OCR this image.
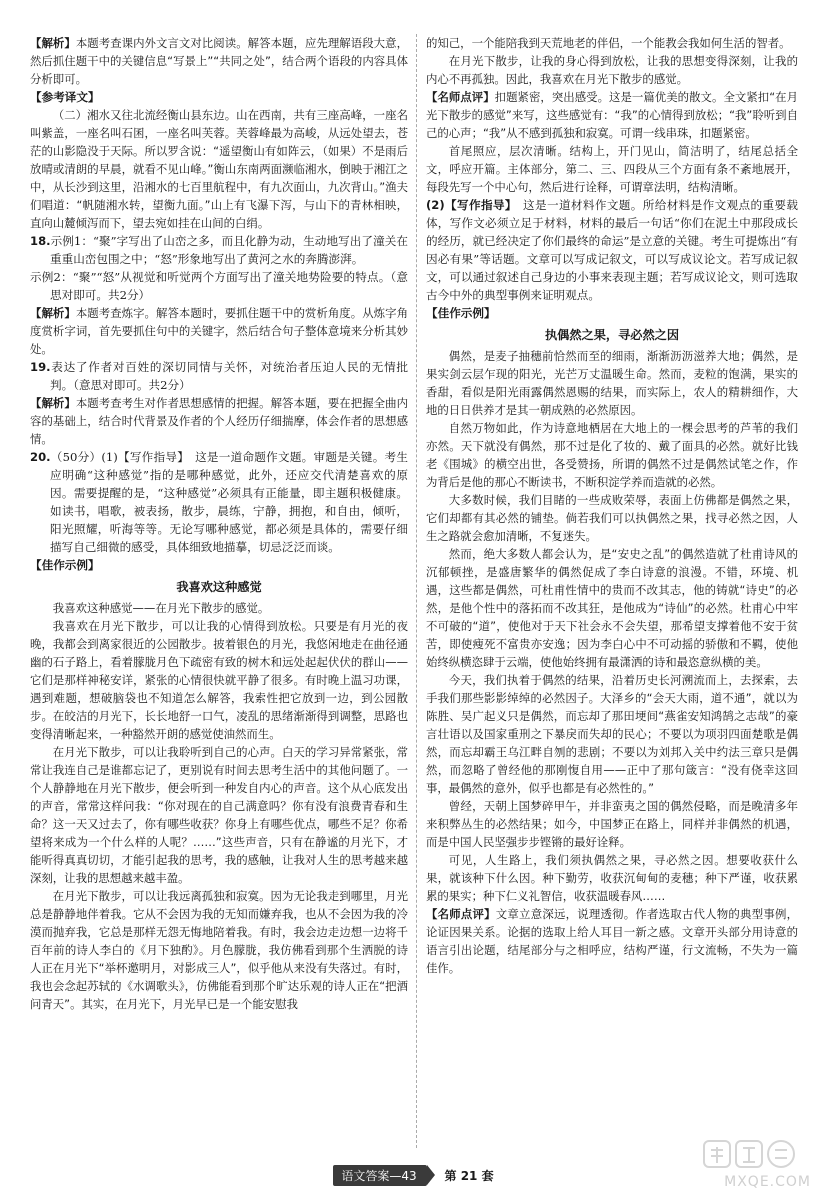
【解析】本题考查课内外文言文对比阅读。解答本题，应先理解语段大意，然后抓住题干中的关键信息“写景上”“共同之处”，结合两个语段的内容具体分析即可。

【参考译文】

（二）湘水又往北流经衡山县东边。山在西南，共有三座高峰，一座名叫紫盖，一座名叫石囷，一座名叫芙蓉。芙蓉峰最为高峻，从远处望去，苍茫的山影隐没于天际。所以罗含说：“遥望衡山有如阵云，（如果）不是雨后放晴或清朗的早晨，就看不见山峰。”衡山东南两面濒临湘水，倒映于湘江之中，从长沙到这里，沿湘水的七百里航程中，有九次面山，九次背山。”渔夫们唱道：“帆随湘水转，望衡九面。”山上有飞瀑下泻，与山下的青林相映，直向山麓倾泻而下，望去宛如挂在山间的白绢。

18.示例1：“聚”字写出了山峦之多，而且化静为动，生动地写出了潼关在重重山峦包围之中；“怒”形象地写出了黄河之水的奔腾澎湃。

示例2：“聚”“怒”从视觉和听觉两个方面写出了潼关地势险要的特点。（意思对即可。共2分）

【解析】本题考查炼字。解答本题时，要抓住题干中的赏析角度。从炼字角度赏析字词，首先要抓住句中的关键字，然后结合句子整体意境来分析其妙处。

19.表达了作者对百姓的深切同情与关怀，对统治者压迫人民的无情批判。（意思对即可。共2分）

【解析】本题考查考生对作者思想感情的把握。解答本题，要在把握全曲内容的基础上，结合时代背景及作者的个人经历仔细揣摩，体会作者的思想感情。

20.（50分）(1)【写作指导】　这是一道命题作文题。审题是关键。考生应明确“这种感觉”指的是哪种感觉，此外，还应交代清楚喜欢的原因。需要提醒的是，“这种感觉”必须具有正能量，即主题积极健康。如读书，唱歌，被表扬，散步，晨练，宁静，拥抱，和自由，倾听，阳光照耀，听海等等。无论写哪种感觉，都必须是具体的，需要仔细描写自己细微的感受，具体细致地描摹，切忌泛泛而谈。

【佳作示例】

我喜欢这种感觉

我喜欢这种感觉——在月光下散步的感觉。

我喜欢在月光下散步，可以让我的心情得到放松。只要是有月光的夜晚，我都会到离家很近的公园散步。披着银色的月光，我悠闲地走在曲径通幽的石子路上，看着朦胧月色下疏密有致的树木和远处起起伏伏的群山——它们是那样神秘安详，紧张的心情很快就平静了很多。有时晚上温习功课，遇到难题，想破脑袋也不知道怎么解答，我索性把它放到一边，到公园散步。在皎洁的月光下，长长地舒一口气，凌乱的思绪渐渐得到调整，思路也变得清晰起来，一种豁然开朗的感觉使油然而生。

在月光下散步，可以让我聆听到自己的心声。白天的学习异常紧张，常常让我连自己是谁都忘记了，更别说有时间去思考生活中的其他问题了。一个人静静地在月光下散步，便会听到一种发自内心的声音。这个从心底发出的声音，常常这样问我：“你对现在的自己满意吗？你有没有浪费青春和生命？这一天又过去了，你有哪些收获？你身上有哪些优点，哪些不足？你希望将来成为一个什么样的人呢？……”这些声音，只有在静谧的月光下，才能听得真真切切，才能引起我的思考，我的感触，让我对人生的思考越来越深刻，让我的思想越来越丰盈。

在月光下散步，可以让我远离孤独和寂寞。因为无论我走到哪里，月光总是静静地伴着我。它从不会因为我的无知而嫌弃我，也从不会因为我的冷漠而抛弃我，它总是那样无怨无悔地陪着我。有时，我会边走边想一边将千百年前的诗人李白的《月下独酌》。月色朦胧，我仿佛看到那个生洒脱的诗人正在月光下“举杯邀明月，对影成三人”，似乎他从来没有失落过。有时，我也会念起苏轼的《水调歌头》，仿佛能看到那个旷达乐观的诗人正在“把酒问青天”。其实，在月光下，月光早已是一个能安慰我

的知己，一个能陪我到天荒地老的伴侣，一个能教会我如何生活的智者。

在月光下散步，让我的身心得到放松，让我的思想变得深刻，让我的内心不再孤独。因此，我喜欢在月光下散步的感觉。

【名师点评】扣题紧密，突出感受。这是一篇优美的散文。全文紧扣“在月光下散步的感觉”来写，这些感觉有：“我”的心情得到放松；“我”聆听到自己的心声；“我”从不感到孤独和寂寞。可谓一线串珠，扣题紧密。

首尾照应，层次清晰。结构上，开门见山，简洁明了，结尾总括全文，呼应开篇。主体部分，第二、三、四段从三个方面有条不紊地展开，每段先写一个中心句，然后进行诠释，可谓章法明，结构清晰。

(2)【写作指导】　这是一道材料作文题。所给材料是作文观点的重要载体，写作文必须立足于材料，材料的最后一句话“你们在泥土中那段成长的经历，就已经决定了你们最终的命运”是立意的关键。考生可提炼出“有因必有果”等话题。文章可以写成记叙文，可以写成议论文。若写成记叙文，可以通过叙述自己身边的小事来表现主题；若写成议论文，则可选取古今中外的典型事例来证明观点。

【佳作示例】

执偶然之果，寻必然之因

偶然，是麦子抽穗前恰然而至的细雨，渐渐沥沥滋养大地；偶然，是果实剑云层乍现的阳光，光芒万丈温暖生命。然而，麦粒的饱满，果实的香甜，看似是阳光雨露偶然恩赐的结果，而实际上，农人的精耕细作，大地的日日供养才是其一朝成熟的必然原因。

自然万物如此，作为诗意地栖居在大地上的一棵会思考的芦苇的我们亦然。天下就没有偶然，那不过是化了妆的、戴了面具的必然。就好比钱老《围城》的横空出世，各受赞扬，所谓的偶然不过是偶然试笔之作，作为背后是他的那心不断读书，不断积淀学养而造就的必然。

大多数时候，我们目睹的一些成败荣辱，表面上仿佛都是偶然之果，它们却都有其必然的铺垫。倘若我们可以执偶然之果，找寻必然之因，人生之路就会愈加清晰，不复迷失。

然而，绝大多数人都会认为，是“安史之乱”的偶然造就了杜甫诗风的沉郁顿挫，是盛唐繁华的偶然促成了李白诗意的浪漫。不错，环境、机遇，这些都是偶然，可杜甫性情中的贵而不改其志，他的铸就“诗史”的必然，是他个性中的落拓而不改其狂，是他成为“诗仙”的必然。杜甫心中牢不可破的“道”，使他对于天下社会永不会失望，那希望支撑着他不安于贫苦，即使瘦死不富贵亦安逸；因为李白心中不可动摇的骄傲和不羁，使他始终纵横恣肆于云端，使他始终拥有最潇洒的诗和最恣意纵横的美。

今天，我们执着于偶然的结果，沿着历史长河溯流而上，去探索，去手我们那些影影绰绰的必然因子。大泽乡的“会天大雨，道不通”，就以为陈胜、吴广起义只是偶然，而忘却了那田埂间“燕雀安知鸿鹄之志哉”的豪言壮语以及国家重刑之下暴戾而失却的民心；不要以为项羽四面楚歌是偶然，而忘却霸王乌江畔自刎的悲剧；不要以为刘邦入关中约法三章只是偶然，而忽略了曾经他的那刚愎自用——正中了那句箴言：“没有侥幸这回事，最偶然的意外，似乎也都是有必然性的。”

曾经，天朝上国梦碎甲午，并非蛮夷之国的偶然侵略，而是晚清多年来积弊丛生的必然结果；如今，中国梦正在路上，同样并非偶然的机遇，而是中国人民坚强步步铿锵的最好诠释。

可见，人生路上，我们须执偶然之果，寻必然之因。想要收获什么果，就该种下什么因。种下勤劳，收获沉甸甸的麦穗；种下严谨，收获累累的果实；种下仁义礼智信，收获温暖春风……

【名师点评】文章立意深远，说理透彻。作者选取古代人物的典型事例，论证因果关系。论据的选取上给人耳目一新之感。文章开头部分用诗意的语言引出论题，结尾部分与之相呼应，结构严谨，行文流畅，不失为一篇佳作。

语文答案—43 第 21 套	MXQE.COM
